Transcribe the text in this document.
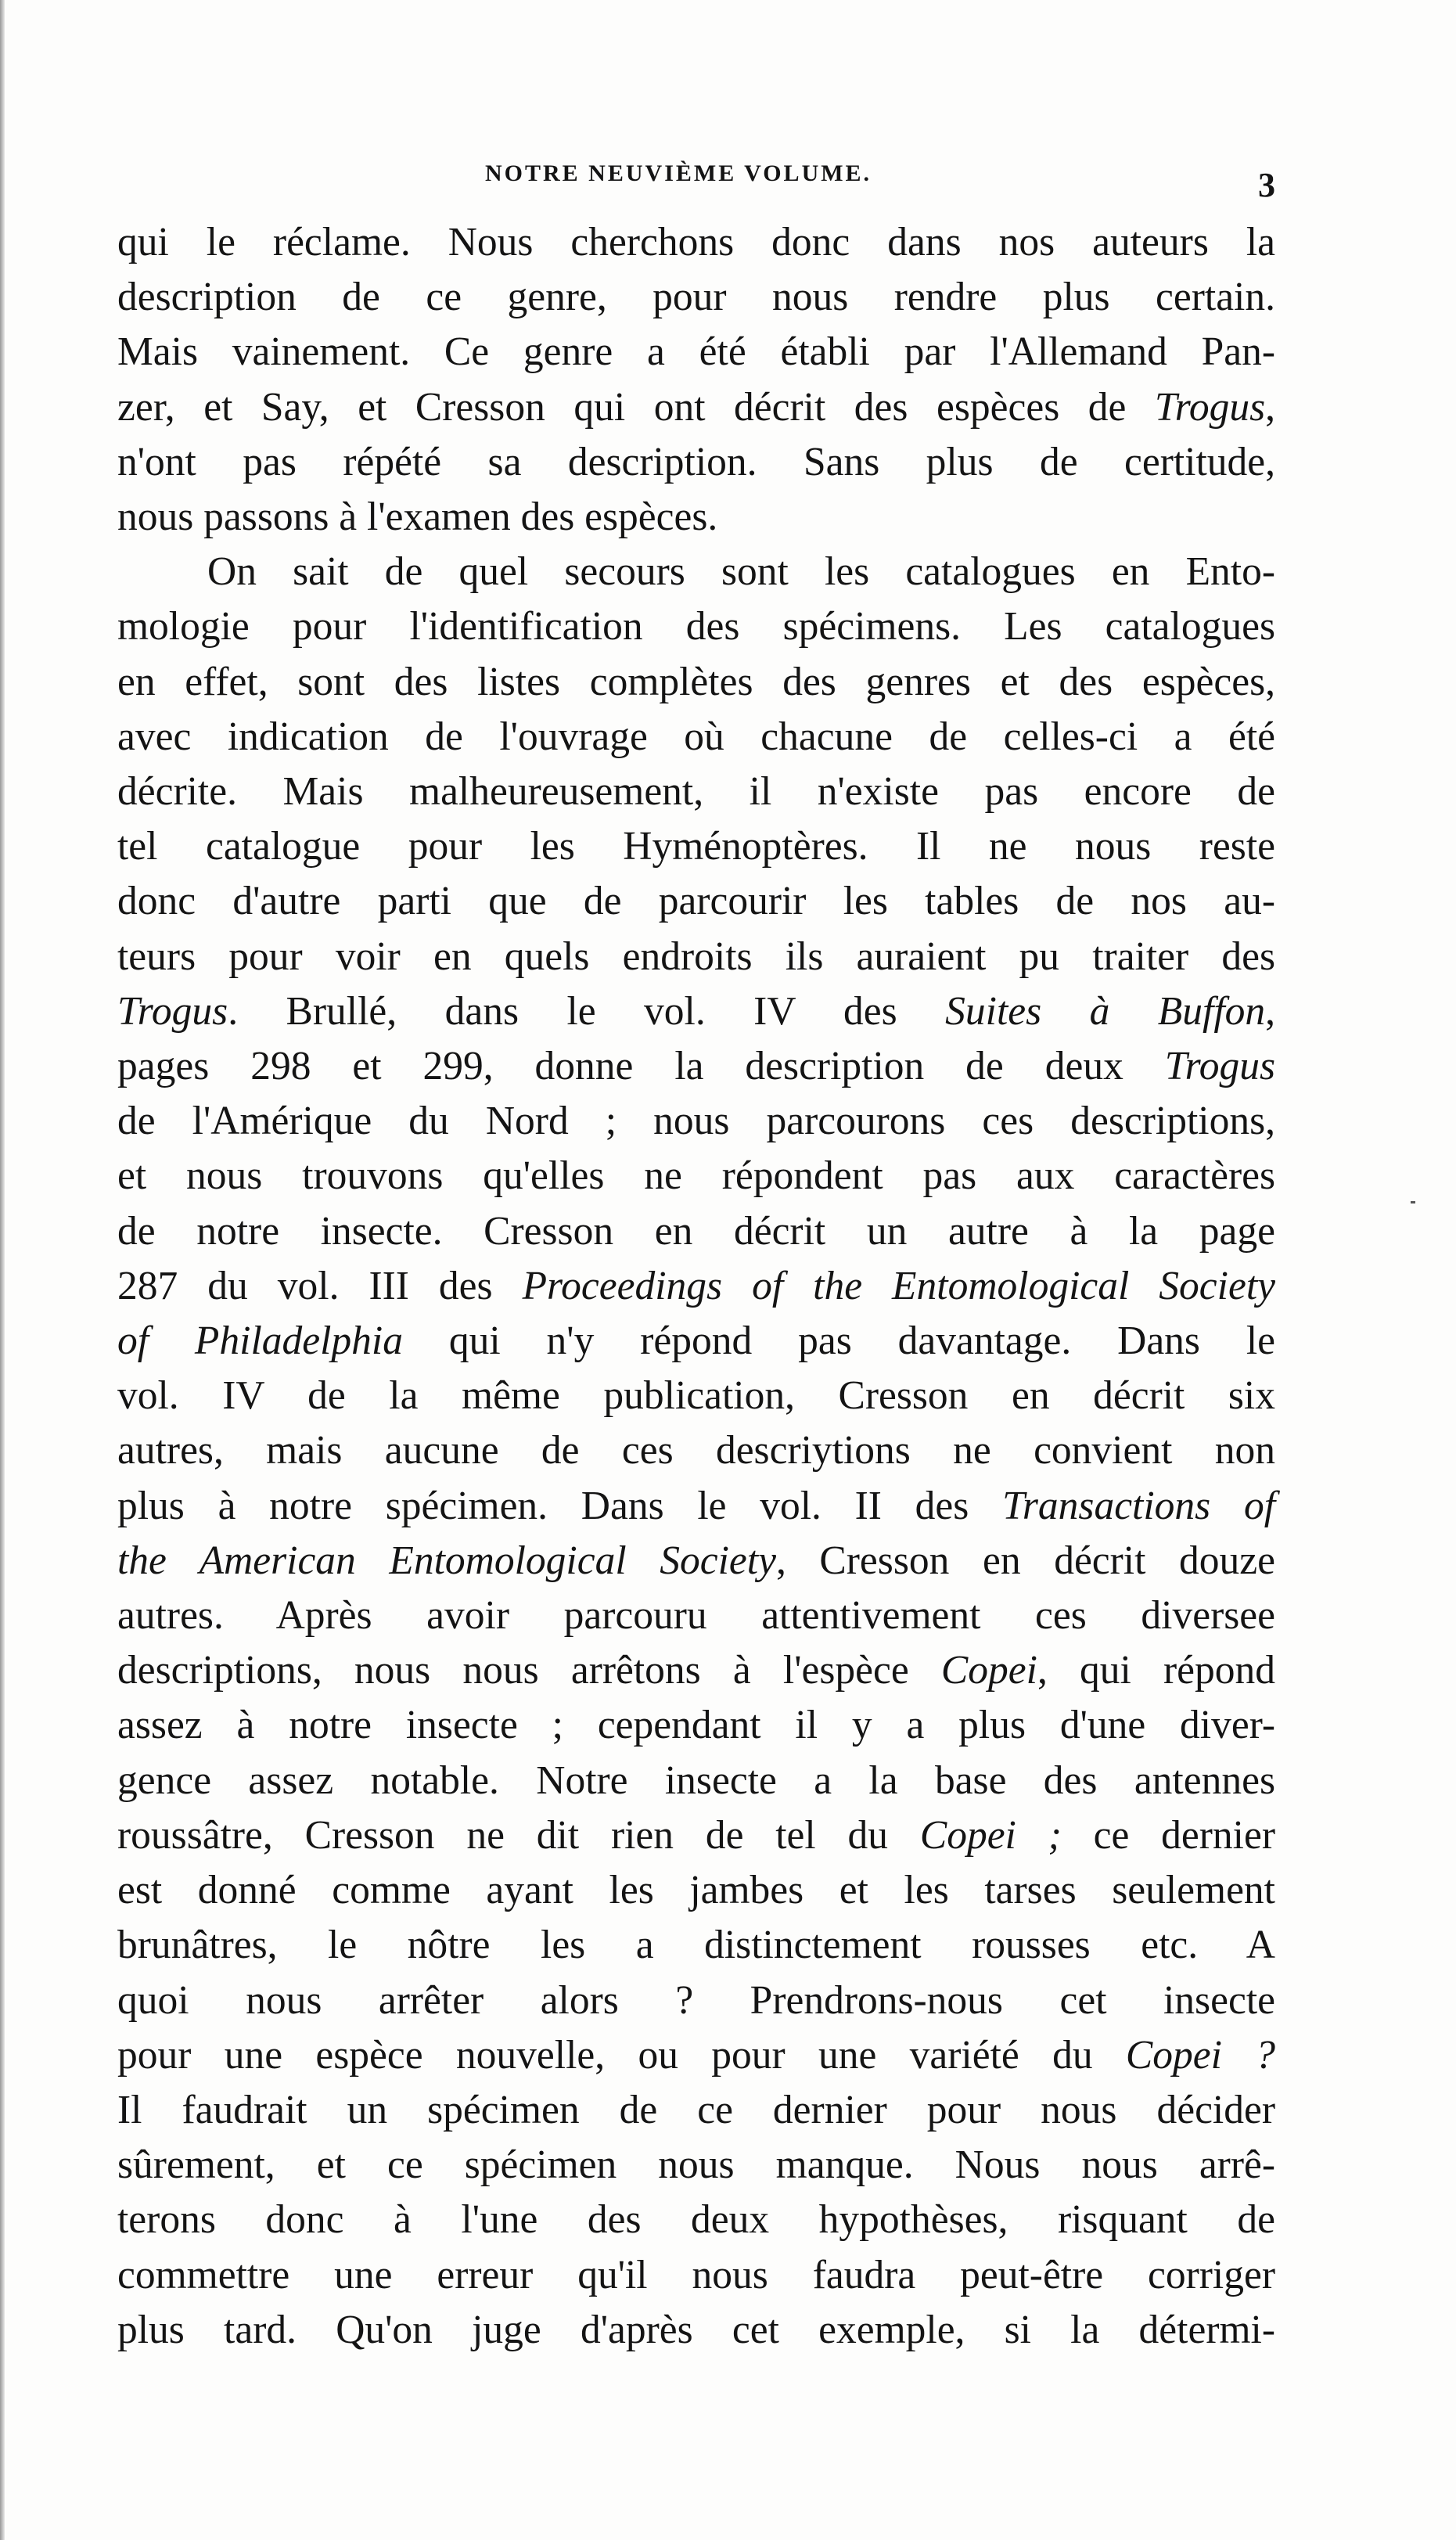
NOTRE NEUVIÈME VOLUME.	3
qui le réclame. Nous cherchons donc dans nos auteurs la
description de ce genre, pour nous rendre plus certain.
Mais vainement. Ce genre a été établi par l'Allemand Pan-
zer, et Say, et Cresson qui ont décrit des espèces de Trogus,
n'ont pas répété sa description. Sans plus de certitude,
nous passons à l'examen des espèces.
On sait de quel secours sont les catalogues en Ento-
mologie pour l'identification des spécimens. Les catalogues
en effet, sont des listes complètes des genres et des espèces,
avec indication de l'ouvrage où chacune de celles-ci a été
décrite. Mais malheureusement, il n'existe pas encore de
tel catalogue pour les Hyménoptères. Il ne nous reste
donc d'autre parti que de parcourir les tables de nos au-
teurs pour voir en quels endroits ils auraient pu traiter des
Trogus. Brullé, dans le vol. IV des Suites à Buffon,
pages 298 et 299, donne la description de deux Trogus
de l'Amérique du Nord ; nous parcourons ces descriptions,
et nous trouvons qu'elles ne répondent pas aux caractères
de notre insecte. Cresson en décrit un autre à la page
287 du vol. III des Proceedings of the Entomological Society
of Philadelphia qui n'y répond pas davantage. Dans le
vol. IV de la même publication, Cresson en décrit six
autres, mais aucune de ces descriytions ne convient non
plus à notre spécimen. Dans le vol. II des Transactions of
the American Entomological Society, Cresson en décrit douze
autres. Après avoir parcouru attentivement ces diversee
descriptions, nous nous arrêtons à l'espèce Copei, qui répond
assez à notre insecte ; cependant il y a plus d'une diver-
gence assez notable. Notre insecte a la base des antennes
roussâtre, Cresson ne dit rien de tel du Copei ; ce dernier
est donné comme ayant les jambes et les tarses seulement
brunâtres, le nôtre les a distinctement rousses etc. A
quoi nous arrêter alors ? Prendrons-nous cet insecte
pour une espèce nouvelle, ou pour une variété du Copei ?
Il faudrait un spécimen de ce dernier pour nous décider
sûrement, et ce spécimen nous manque. Nous nous arrê-
terons donc à l'une des deux hypothèses, risquant de
commettre une erreur qu'il nous faudra peut-être corriger
plus tard. Qu'on juge d'après cet exemple, si la détermi-
